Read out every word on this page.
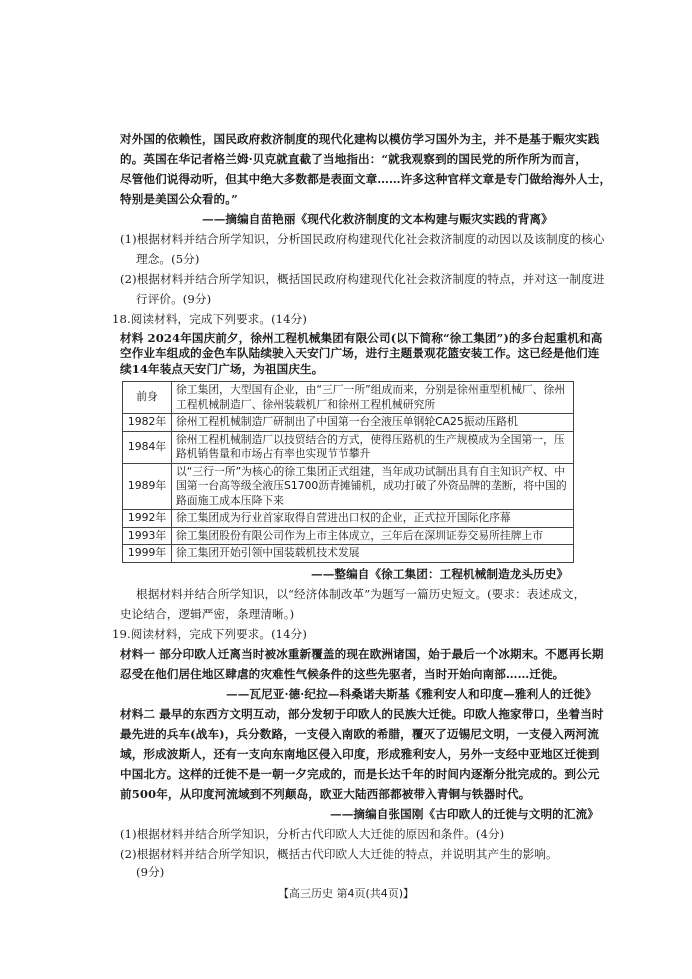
对外国的依赖性，国民政府救济制度的现代化建构以模仿学习国外为主，并不是基于赈灾实践
的。英国在华记者格兰姆·贝克就直截了当地指出：“就我观察到的国民党的所作所为而言，
尽管他们说得动听，但其中绝大多数都是表面文章……许多这种官样文章是专门做给海外人士，
特别是美国公众看的。”
——摘编自苗艳丽《现代化救济制度的文本构建与赈灾实践的背离》
(1)根据材料并结合所学知识，分析国民政府构建现代化社会救济制度的动因以及该制度的核心
理念。(5分)
(2)根据材料并结合所学知识，概括国民政府构建现代化社会救济制度的特点，并对这一制度进
行评价。(9分)
18.阅读材料，完成下列要求。(14分)
材料 2024年国庆前夕，徐州工程机械集团有限公司(以下简称“徐工集团”)的多台起重机和高
前身	徐工集团，大型国有企业，由“三厂一所”组成而来，分别是徐州重型机械厂、徐州工程机械制造厂、徐州装载机厂和徐州工程机械研究所
1982年	徐州工程机械制造厂研制出了中国第一台全液压单钢轮CA25振动压路机
1984年	徐州工程机械制造厂以技贸结合的方式，使得压路机的生产规模成为全国第一，压路机销售量和市场占有率也实现节节攀升
1989年	以“三行一所”为核心的徐工集团正式组建，当年成功试制出具有自主知识产权、中国第一台高等级全液压S1700沥青摊铺机，成功打破了外资品牌的垄断，将中国的路面施工成本压降下来
1992年	徐工集团成为行业首家取得自营进出口权的企业，正式拉开国际化序幕
1993年	徐工集团股份有限公司作为上市主体成立，三年后在深圳证券交易所挂牌上市
1999年	徐工集团开始引领中国装载机技术发展
——整编自《徐工集团：工程机械制造龙头历史》
根据材料并结合所学知识，以“经济体制改革”为题写一篇历史短文。(要求：表述成文，
史论结合，逻辑严密，条理清晰。)
19.阅读材料，完成下列要求。(14分)
材料一 部分印欧人迁离当时被冰重新覆盖的现在欧洲诸国，始于最后一个冰期末。不愿再长期
忍受在他们居住地区肆虐的灾难性气候条件的这些先驱者，当时开始向南部……迁徙。
——瓦尼亚·德·纪拉—科桑诺夫斯基《雅利安人和印度—雅利人的迁徙》
材料二 最早的东西方文明互动，部分发轫于印欧人的民族大迁徙。印欧人拖家带口，坐着当时
最先进的兵车(战车)，兵分数路，一支侵入南欧的希腊，覆灭了迈锡尼文明，一支侵入两河流
域，形成波斯人，还有一支向东南地区侵入印度，形成雅利安人，另外一支经中亚地区迁徙到
中国北方。这样的迁徙不是一朝一夕完成的，而是长达千年的时间内逐渐分批完成的。到公元
前500年，从印度河流域到不列颠岛，欧亚大陆西部都被带入青铜与铁器时代。
——摘编自张国刚《古印欧人的迁徙与文明的汇流》
(1)根据材料并结合所学知识，分析古代印欧人大迁徙的原因和条件。(4分)
(2)根据材料并结合所学知识，概括古代印欧人大迁徙的特点，并说明其产生的影响。
(9分)
【高三历史 第4页(共4页)】
空作业车组成的金色车队陆续驶入天安门广场，进行主题景观花篮安装工作。这已经是他们连
续14年装点天安门广场，为祖国庆生。
